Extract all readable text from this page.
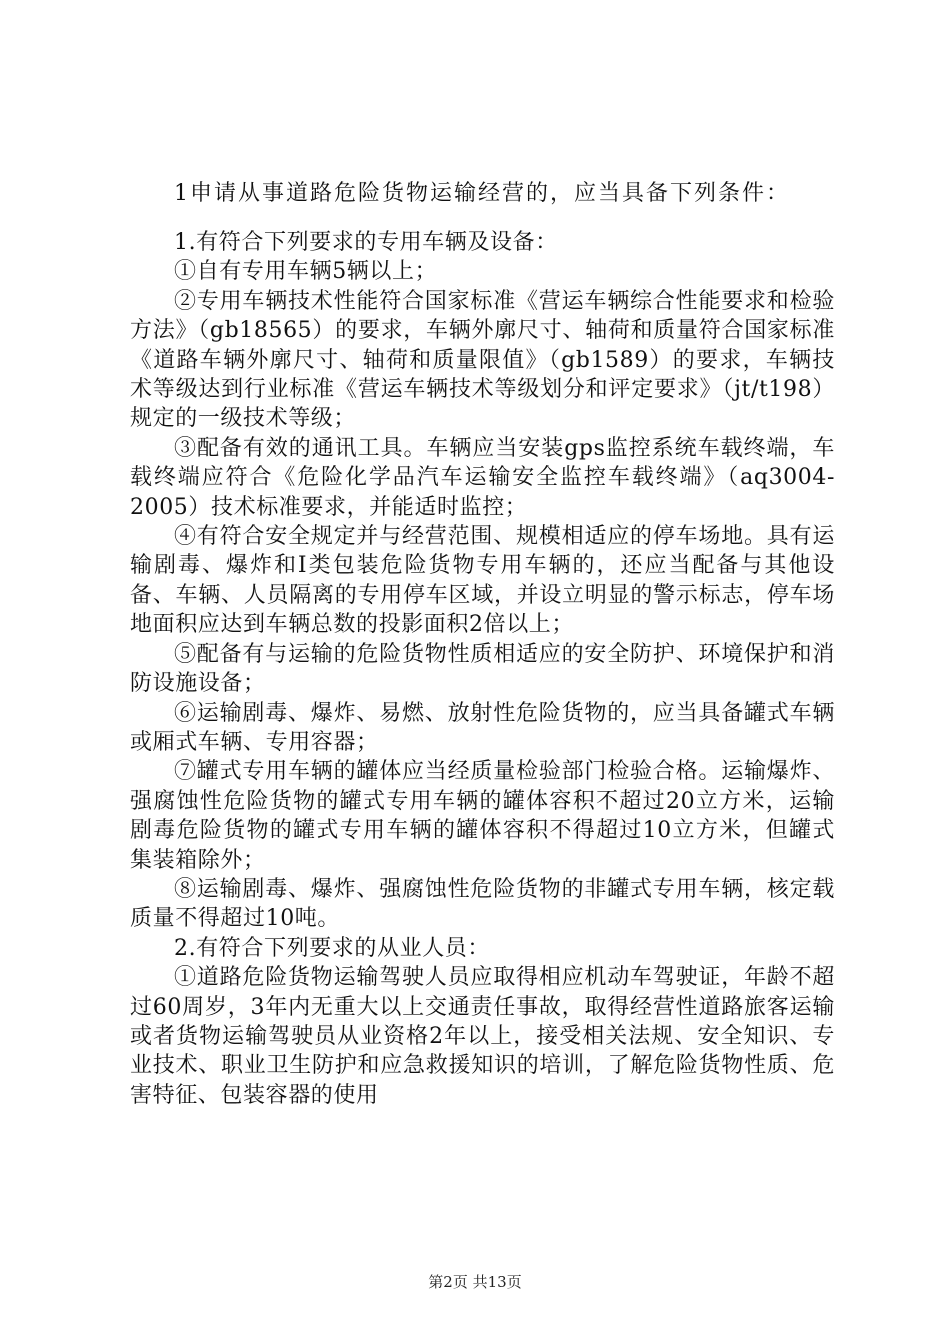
1申请从事道路危险货物运输经营的，应当具备下列条件：

1.有符合下列要求的专用车辆及设备：

①自有专用车辆5辆以上；

②专用车辆技术性能符合国家标准《营运车辆综合性能要求和检验方法》（gb18565）的要求，车辆外廓尺寸、轴荷和质量符合国家标准《道路车辆外廓尺寸、轴荷和质量限值》（gb1589）的要求，车辆技术等级达到行业标准《营运车辆技术等级划分和评定要求》（jt/t198）规定的一级技术等级；

③配备有效的通讯工具。车辆应当安装gps监控系统车载终端，车载终端应符合《危险化学品汽车运输安全监控车载终端》（aq3004-2005）技术标准要求，并能适时监控；

④有符合安全规定并与经营范围、规模相适应的停车场地。具有运输剧毒、爆炸和Ⅰ类包装危险货物专用车辆的，还应当配备与其他设备、车辆、人员隔离的专用停车区域，并设立明显的警示标志，停车场地面积应达到车辆总数的投影面积2倍以上；

⑤配备有与运输的危险货物性质相适应的安全防护、环境保护和消防设施设备；

⑥运输剧毒、爆炸、易燃、放射性危险货物的，应当具备罐式车辆或厢式车辆、专用容器；

⑦罐式专用车辆的罐体应当经质量检验部门检验合格。运输爆炸、强腐蚀性危险货物的罐式专用车辆的罐体容积不超过20立方米，运输剧毒危险货物的罐式专用车辆的罐体容积不得超过10立方米，但罐式集装箱除外；

⑧运输剧毒、爆炸、强腐蚀性危险货物的非罐式专用车辆，核定载质量不得超过10吨。

2.有符合下列要求的从业人员：

①道路危险货物运输驾驶人员应取得相应机动车驾驶证，年龄不超过60周岁，3年内无重大以上交通责任事故，取得经营性道路旅客运输或者货物运输驾驶员从业资格2年以上，接受相关法规、安全知识、专业技术、职业卫生防护和应急救援知识的培训，了解危险货物性质、危害特征、包装容器的使用

第2页 共13页
